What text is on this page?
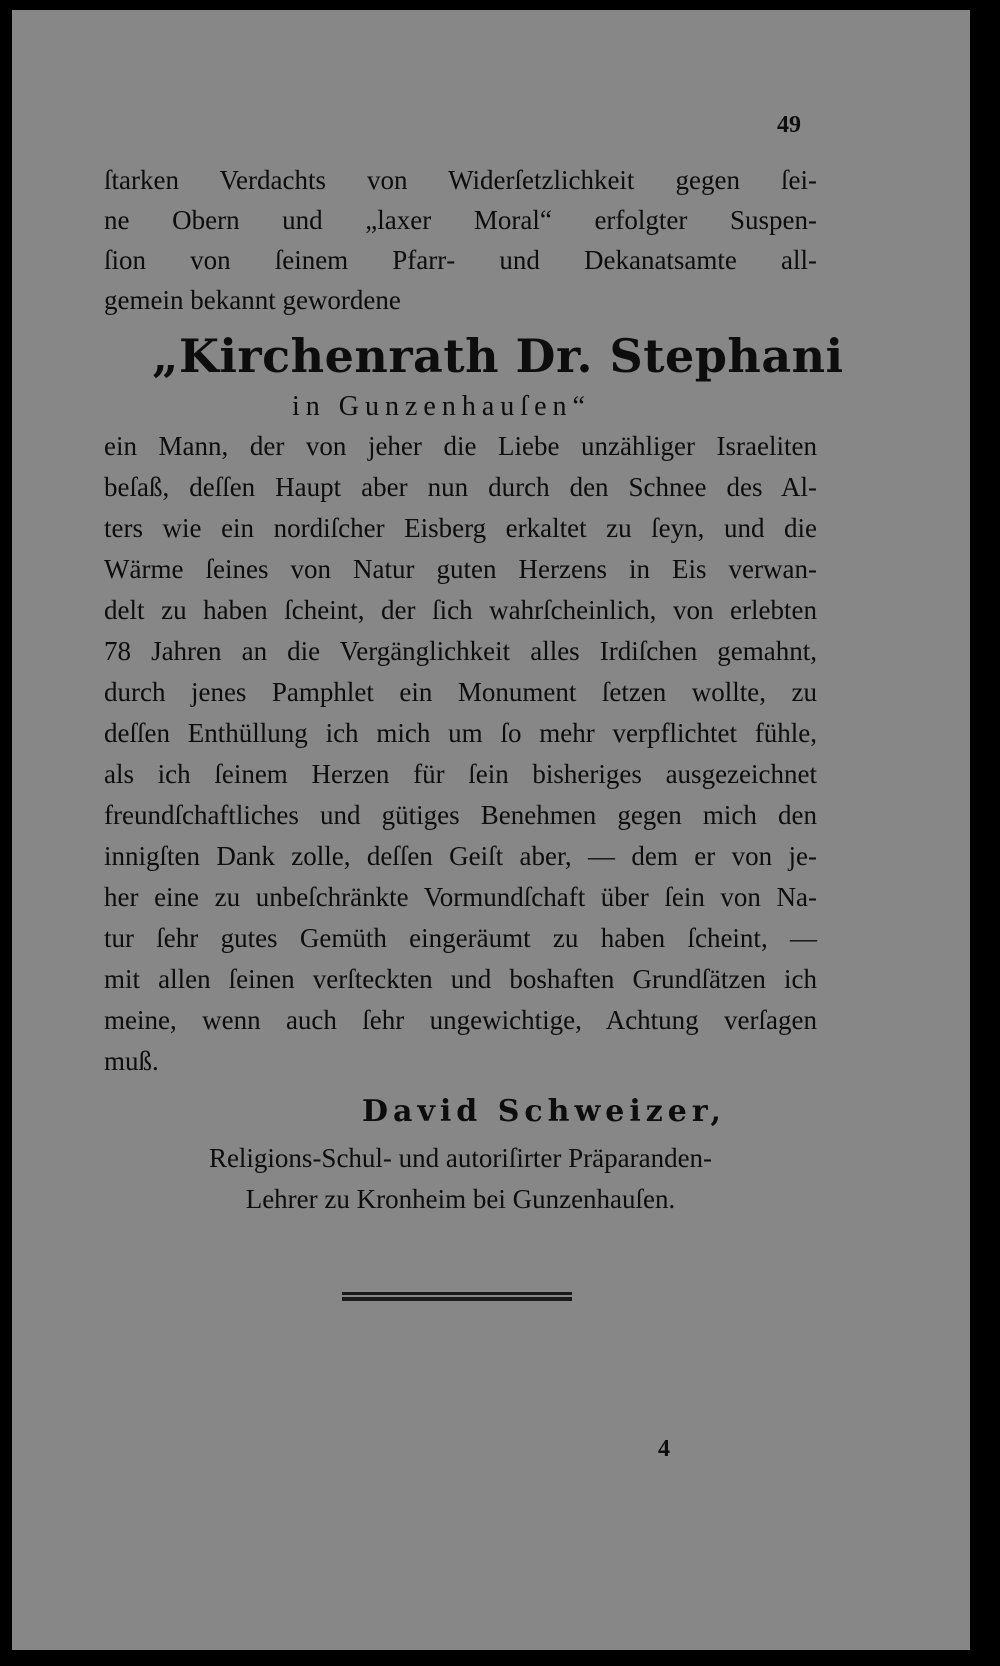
49

ſtarken Verdachts von Widerſetzlichkeit gegen ſei‑

ne Obern und „laxer Moral“ erfolgter Suspen‑

ſion von ſeinem Pfarr‑ und Dekanatsamte all‑

gemein bekannt gewordene

„Kirchenrath Dr. Stephani

in Gunzenhauſen“

ein Mann, der von jeher die Liebe unzähliger Israeliten

beſaß, deſſen Haupt aber nun durch den Schnee des Al‑

ters wie ein nordiſcher Eisberg erkaltet zu ſeyn, und die

Wärme ſeines von Natur guten Herzens in Eis verwan‑

delt zu haben ſcheint, der ſich wahrſcheinlich, von erlebten

78 Jahren an die Vergänglichkeit alles Irdiſchen gemahnt,

durch jenes Pamphlet ein Monument ſetzen wollte, zu

deſſen Enthüllung ich mich um ſo mehr verpflichtet fühle,

als ich ſeinem Herzen für ſein bisheriges ausgezeichnet

freundſchaftliches und gütiges Benehmen gegen mich den

innigſten Dank zolle, deſſen Geiſt aber, — dem er von je‑

her eine zu unbeſchränkte Vormundſchaft über ſein von Na‑

tur ſehr gutes Gemüth eingeräumt zu haben ſcheint, —

mit allen ſeinen verſteckten und boshaften Grundſätzen ich

meine, wenn auch ſehr ungewichtige, Achtung verſagen

muß.

David Schweizer,

Religions‑Schul‑ und autoriſirter Präparanden‑

Lehrer zu Kronheim bei Gunzenhauſen.

4
